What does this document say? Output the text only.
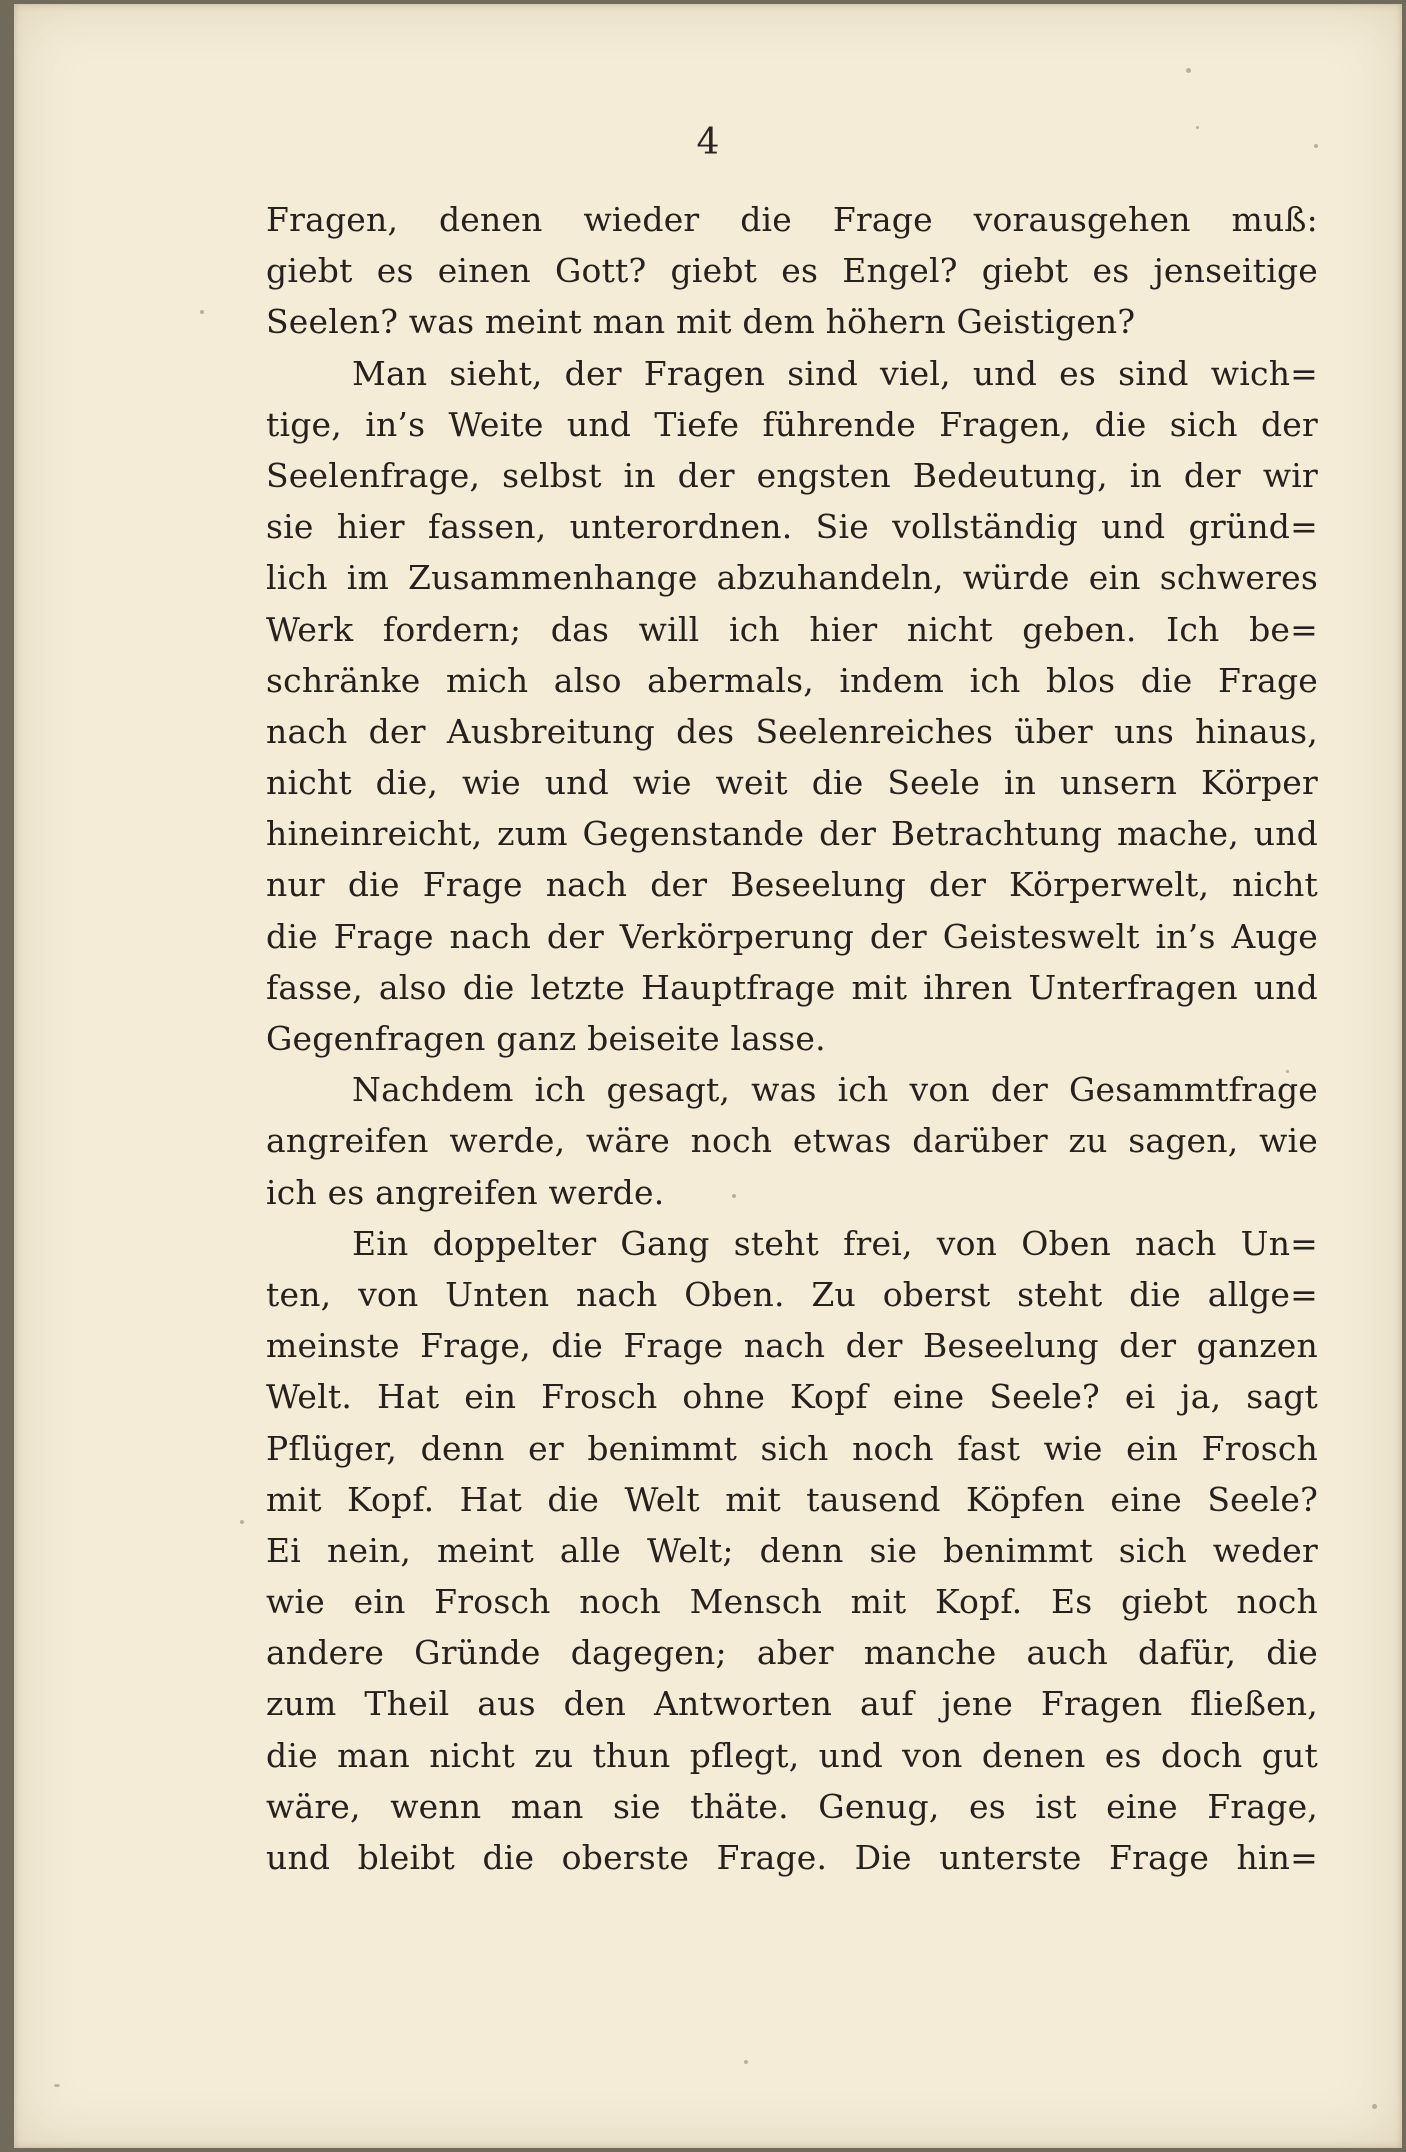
4
Fragen, denen wieder die Frage vorausgehen muß:
giebt es einen Gott? giebt es Engel? giebt es jenseitige
Seelen? was meint man mit dem höhern Geistigen?
Man sieht, der Fragen sind viel, und es sind wich=
tige, in’s Weite und Tiefe führende Fragen, die sich der
Seelenfrage, selbst in der engsten Bedeutung, in der wir
sie hier fassen, unterordnen. Sie vollständig und gründ=
lich im Zusammenhange abzuhandeln, würde ein schweres
Werk fordern; das will ich hier nicht geben. Ich be=
schränke mich also abermals, indem ich blos die Frage
nach der Ausbreitung des Seelenreiches über uns hinaus,
nicht die, wie und wie weit die Seele in unsern Körper
hineinreicht, zum Gegenstande der Betrachtung mache, und
nur die Frage nach der Beseelung der Körperwelt, nicht
die Frage nach der Verkörperung der Geisteswelt in’s Auge
fasse, also die letzte Hauptfrage mit ihren Unterfragen und
Gegenfragen ganz beiseite lasse.
Nachdem ich gesagt, was ich von der Gesammtfrage
angreifen werde, wäre noch etwas darüber zu sagen, wie
ich es angreifen werde.
Ein doppelter Gang steht frei, von Oben nach Un=
ten, von Unten nach Oben. Zu oberst steht die allge=
meinste Frage, die Frage nach der Beseelung der ganzen
Welt. Hat ein Frosch ohne Kopf eine Seele? ei ja, sagt
Pflüger, denn er benimmt sich noch fast wie ein Frosch
mit Kopf. Hat die Welt mit tausend Köpfen eine Seele?
Ei nein, meint alle Welt; denn sie benimmt sich weder
wie ein Frosch noch Mensch mit Kopf. Es giebt noch
andere Gründe dagegen; aber manche auch dafür, die
zum Theil aus den Antworten auf jene Fragen fließen,
die man nicht zu thun pflegt, und von denen es doch gut
wäre, wenn man sie thäte. Genug, es ist eine Frage,
und bleibt die oberste Frage. Die unterste Frage hin=
